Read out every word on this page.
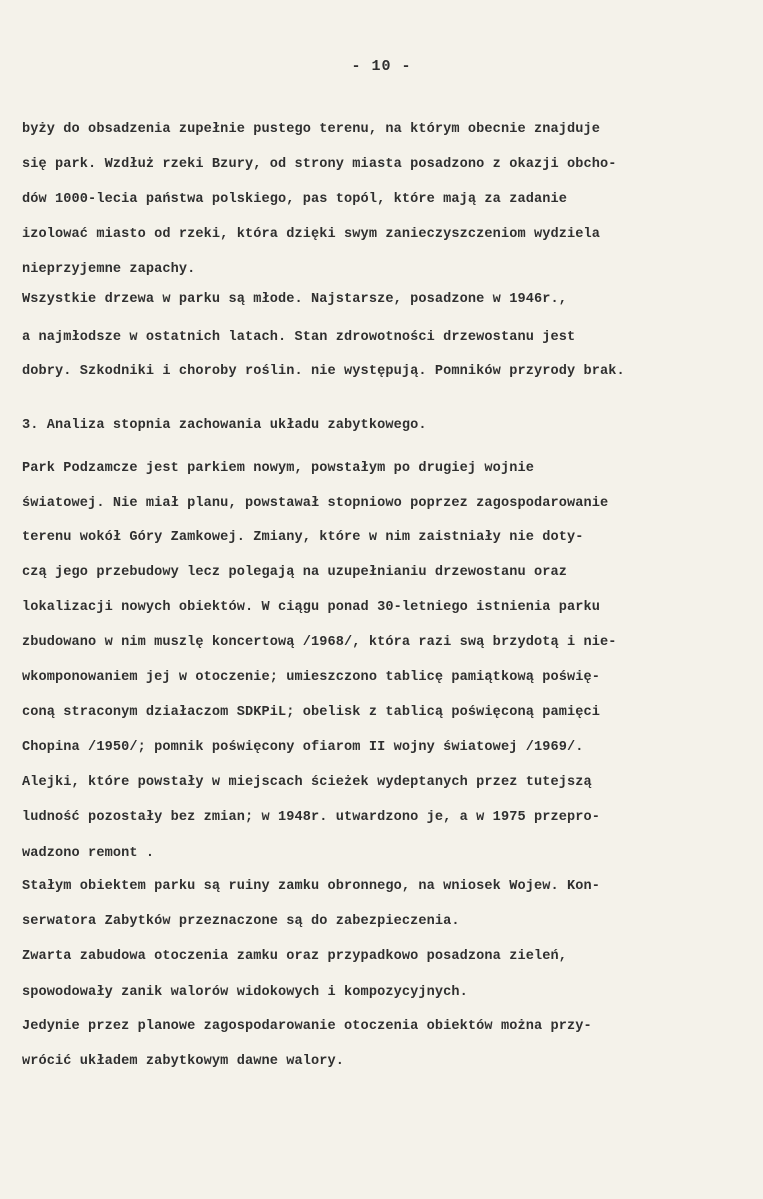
- 10 -
byży do obsadzenia zupełnie pustego terenu, na którym obecnie znajduje
się park. Wzdłuż rzeki Bzury, od strony miasta posadzono z okazji obcho-
dów 1000-lecia państwa polskiego, pas topól, które mają za zadanie
izolować miasto od rzeki, która dzięki swym zanieczyszczeniom wydziela
nieprzyjemne zapachy.
Wszystkie drzewa w parku są młode. Najstarsze, posadzone w 1946r.,
a najmłodsze w ostatnich latach. Stan zdrowotności drzewostanu jest
dobry. Szkodniki i choroby roślin. nie występują. Pomników przyrody brak.
3. Analiza stopnia zachowania układu zabytkowego.
Park Podzamcze jest parkiem nowym, powstałym po drugiej wojnie
światowej. Nie miał planu, powstawał stopniowo poprzez zagospodarowanie
terenu wokół Góry Zamkowej. Zmiany, które w nim zaistniały nie doty-
czą jego przebudowy lecz polegają na uzupełnianiu drzewostanu oraz
lokalizacji nowych obiektów. W ciągu ponad 30-letniego istnienia parku
zbudowano w nim muszlę koncertową /1968/, która razi swą brzydotą i nie-
wkomponowaniem jej w otoczenie; umieszczono tablicę pamiątkową poświę-
coną straconym działaczom SDKPiL; obelisk z tablicą poświęconą pamięci
Chopina /1950/; pomnik poświęcony ofiarom II wojny światowej /1969/.
Alejki, które powstały w miejscach ścieżek wydeptanych przez tutejszą
ludność pozostały bez zmian; w 1948r. utwardzono je, a w 1975 przepro-
wadzono remont .
Stałym obiektem parku są ruiny zamku obronnego, na wniosek Wojew. Kon-
serwatora Zabytków przeznaczone są do zabezpieczenia.
Zwarta zabudowa otoczenia zamku oraz przypadkowo posadzona zieleń,
spowodowały zanik walorów widokowych i kompozycyjnych.
Jedynie przez planowe zagospodarowanie otoczenia obiektów można przy-
wrócić układem zabytkowym dawne walory.
